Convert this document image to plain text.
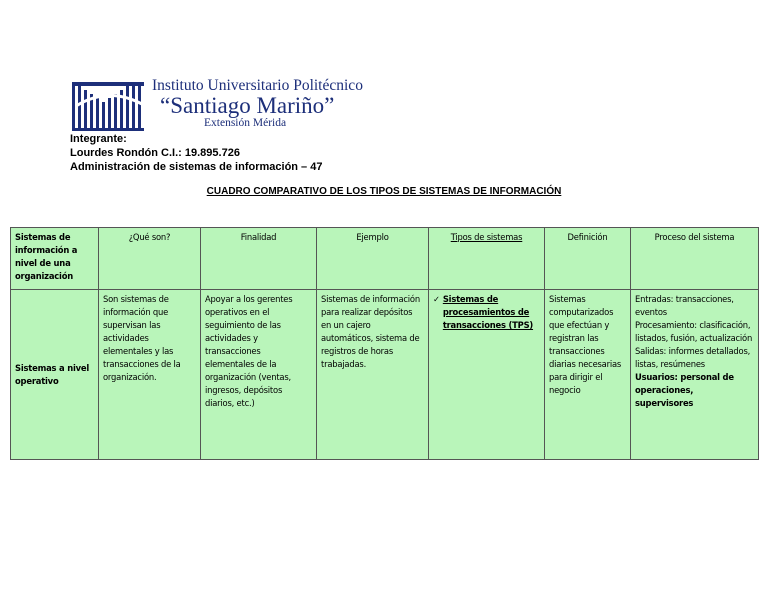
Instituto Universitario Politécnico
“Santiago Mariño”
Extensión Mérida
Integrante:
Lourdes Rondón C.I.: 19.895.726
Administración de sistemas de información – 47
CUADRO COMPARATIVO DE LOS TIPOS DE SISTEMAS DE INFORMACIÓN
Sistemas de información a nivel de una organización	¿Qué son?	Finalidad	Ejemplo	Tipos de sistemas	Definición	Proceso del sistema
Sistemas a nivel operativo	Son sistemas de información que supervisan las actividades elementales y las transacciones de la organización.	Apoyar a los gerentes operativos en el seguimiento de las actividades y transacciones elementales de la organización (ventas, ingresos, depósitos diarios, etc.)	Sistemas de información para realizar depósitos en un cajero automáticos, sistema de registros de horas trabajadas.	✓ Sistemas de procesamientos de transacciones (TPS)	Sistemas computarizados que efectúan y registran las transacciones diarias necesarias para dirigir el negocio	Entradas: transacciones, eventos
Procesamiento: clasificación, listados, fusión, actualización
Salidas: informes detallados, listas, resúmenes
Usuarios: personal de operaciones, supervisores
